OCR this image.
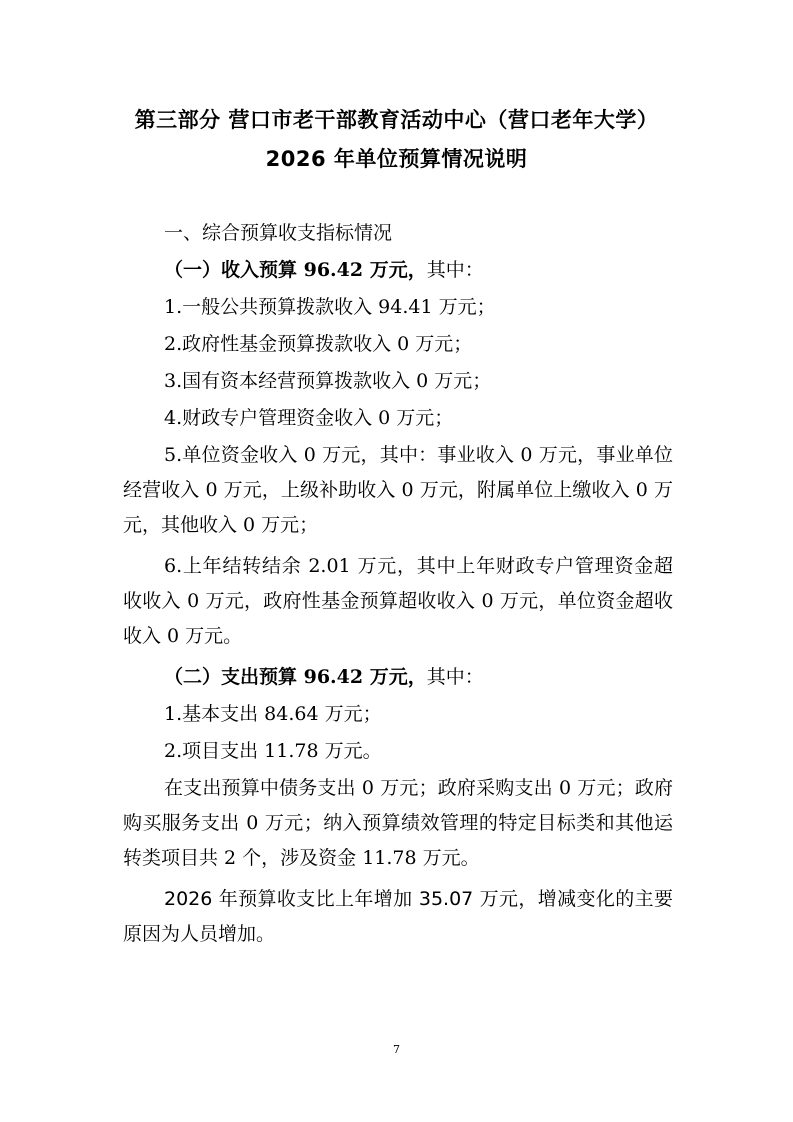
第三部分 营口市老干部教育活动中心（营口老年大学）
2026 年单位预算情况说明

一、综合预算收支指标情况

（一）收入预算 96.42 万元，其中：

1.一般公共预算拨款收入 94.41 万元；

2.政府性基金预算拨款收入 0 万元；

3.国有资本经营预算拨款收入 0 万元；

4.财政专户管理资金收入 0 万元；

5.单位资金收入 0 万元，其中：事业收入 0 万元，事业单位经营收入 0 万元，上级补助收入 0 万元，附属单位上缴收入 0 万元，其他收入 0 万元；

6.上年结转结余 2.01 万元，其中上年财政专户管理资金超收收入 0 万元，政府性基金预算超收收入 0 万元，单位资金超收收入 0 万元。

（二）支出预算 96.42 万元，其中：

1.基本支出 84.64 万元；

2.项目支出 11.78 万元。

在支出预算中债务支出 0 万元；政府采购支出 0 万元；政府购买服务支出 0 万元；纳入预算绩效管理的特定目标类和其他运转类项目共 2 个，涉及资金 11.78 万元。

2026 年预算收支比上年增加 35.07 万元，增减变化的主要原因为人员增加。

7
